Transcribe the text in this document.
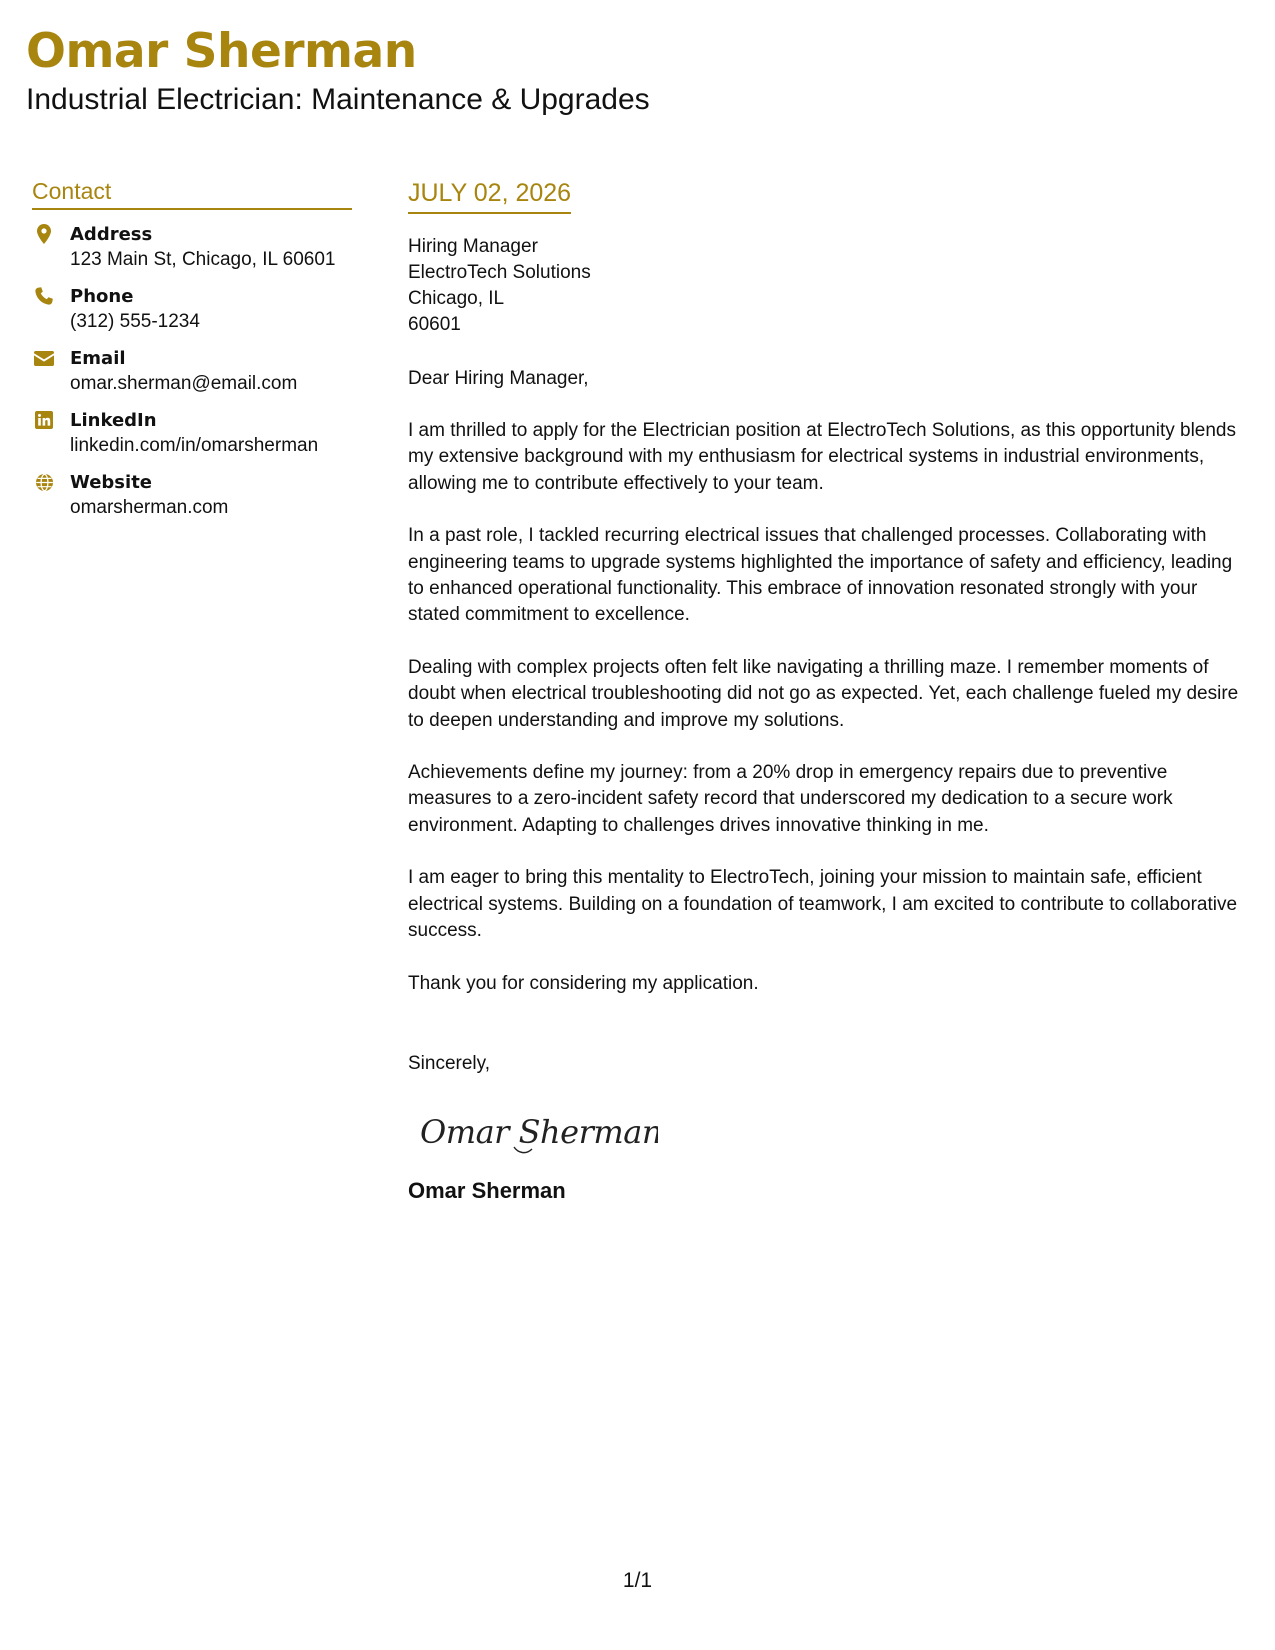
Omar Sherman
Industrial Electrician: Maintenance & Upgrades
Contact
Address
123 Main St, Chicago, IL 60601
Phone
(312) 555-1234
Email
omar.sherman@email.com
LinkedIn
linkedin.com/in/omarsherman
Website
omarsherman.com
JULY 02, 2026
Hiring Manager
ElectroTech Solutions
Chicago, IL
60601
Dear Hiring Manager,
I am thrilled to apply for the Electrician position at ElectroTech Solutions, as this opportunity blends my extensive background with my enthusiasm for electrical systems in industrial environments, allowing me to contribute effectively to your team.
In a past role, I tackled recurring electrical issues that challenged processes. Collaborating with engineering teams to upgrade systems highlighted the importance of safety and efficiency, leading to enhanced operational functionality. This embrace of innovation resonated strongly with your stated commitment to excellence.
Dealing with complex projects often felt like navigating a thrilling maze. I remember moments of doubt when electrical troubleshooting did not go as expected. Yet, each challenge fueled my desire to deepen understanding and improve my solutions.
Achievements define my journey: from a 20% drop in emergency repairs due to preventive measures to a zero-incident safety record that underscored my dedication to a secure work environment. Adapting to challenges drives innovative thinking in me.
I am eager to bring this mentality to ElectroTech, joining your mission to maintain safe, efficient electrical systems. Building on a foundation of teamwork, I am excited to contribute to collaborative success.
Thank you for considering my application.
Sincerely,
Omar Sherman
Omar Sherman
1/1
